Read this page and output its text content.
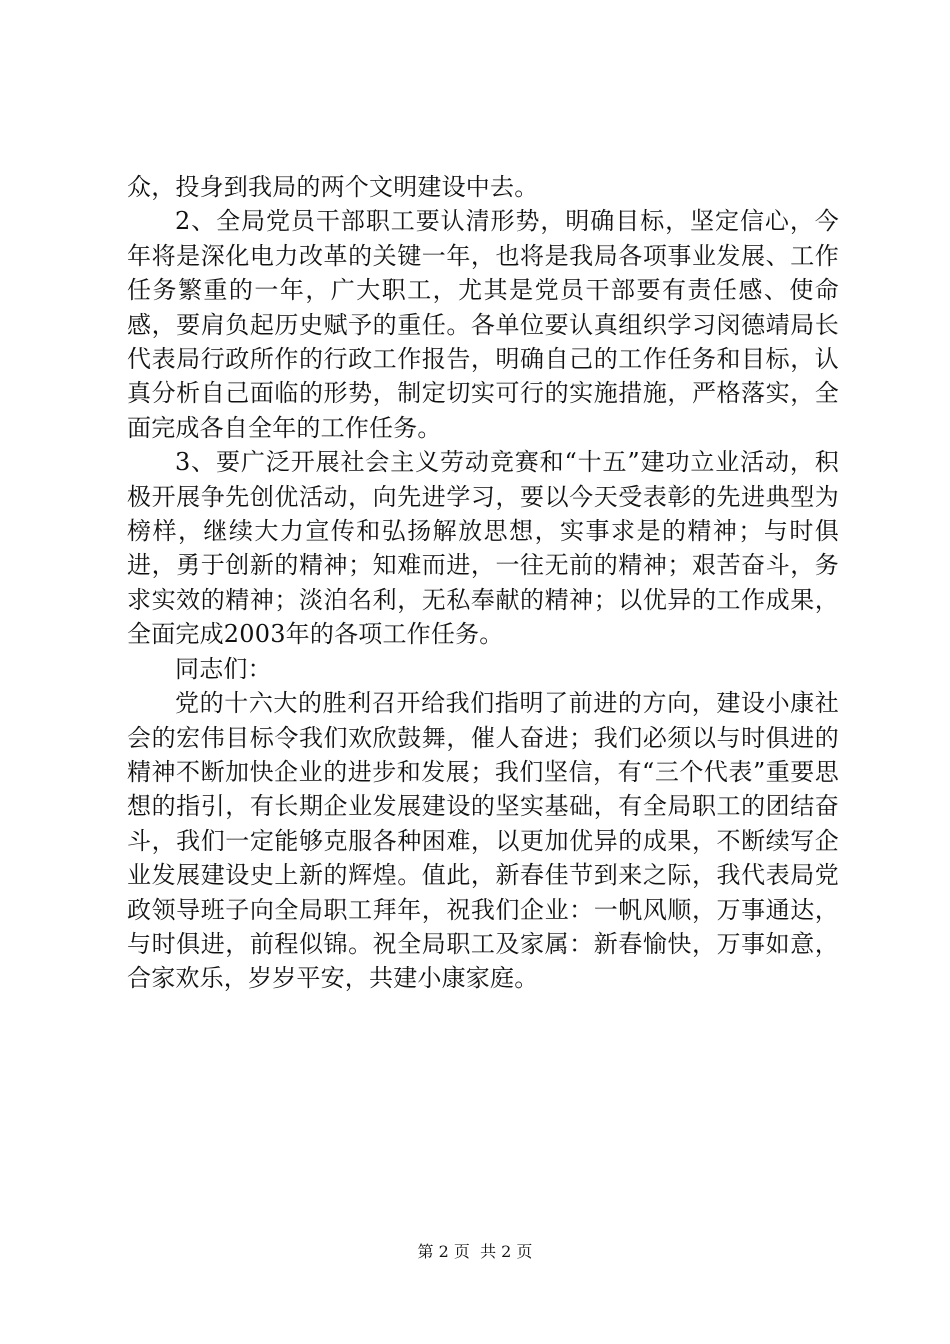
众，投身到我局的两个文明建设中去。

2、全局党员干部职工要认清形势，明确目标，坚定信心，今年将是深化电力改革的关键一年，也将是我局各项事业发展、工作任务繁重的一年，广大职工，尤其是党员干部要有责任感、使命感，要肩负起历史赋予的重任。各单位要认真组织学习闵德靖局长代表局行政所作的行政工作报告，明确自己的工作任务和目标，认真分析自己面临的形势，制定切实可行的实施措施，严格落实，全面完成各自全年的工作任务。

3、要广泛开展社会主义劳动竞赛和“十五”建功立业活动，积极开展争先创优活动，向先进学习，要以今天受表彰的先进典型为榜样，继续大力宣传和弘扬解放思想，实事求是的精神；与时俱进，勇于创新的精神；知难而进，一往无前的精神；艰苦奋斗，务求实效的精神；淡泊名利，无私奉献的精神；以优异的工作成果，全面完成2003年的各项工作任务。

同志们：

党的十六大的胜利召开给我们指明了前进的方向，建设小康社会的宏伟目标令我们欢欣鼓舞，催人奋进；我们必须以与时俱进的精神不断加快企业的进步和发展；我们坚信，有“三个代表”重要思想的指引，有长期企业发展建设的坚实基础，有全局职工的团结奋斗，我们一定能够克服各种困难，以更加优异的成果，不断续写企业发展建设史上新的辉煌。值此，新春佳节到来之际，我代表局党政领导班子向全局职工拜年，祝我们企业：一帆风顺，万事通达，与时俱进，前程似锦。祝全局职工及家属：新春愉快，万事如意，合家欢乐，岁岁平安，共建小康家庭。

第 2 页  共 2 页
